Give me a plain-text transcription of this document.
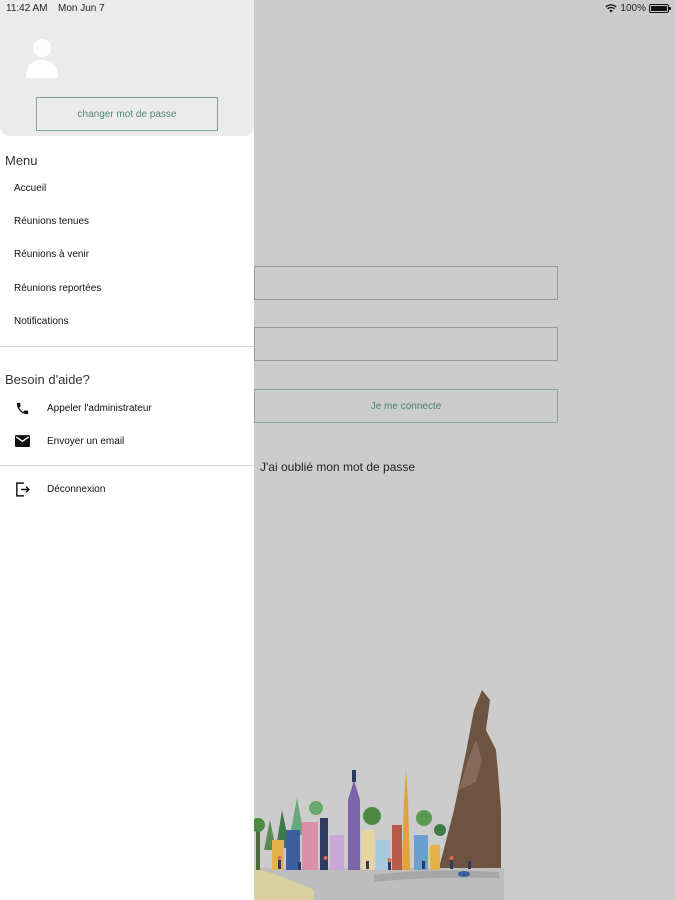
11:42 AM Mon Jun 7	100%
Je me connecte
J'ai oublié mon mot de passe
changer mot de passe
Menu
Accueil
Réunions tenues
Réunions à venir
Réunions reportées
Notifications
Besoin d'aide?
Appeler l'administrateur
Envoyer un email
Déconnexion
